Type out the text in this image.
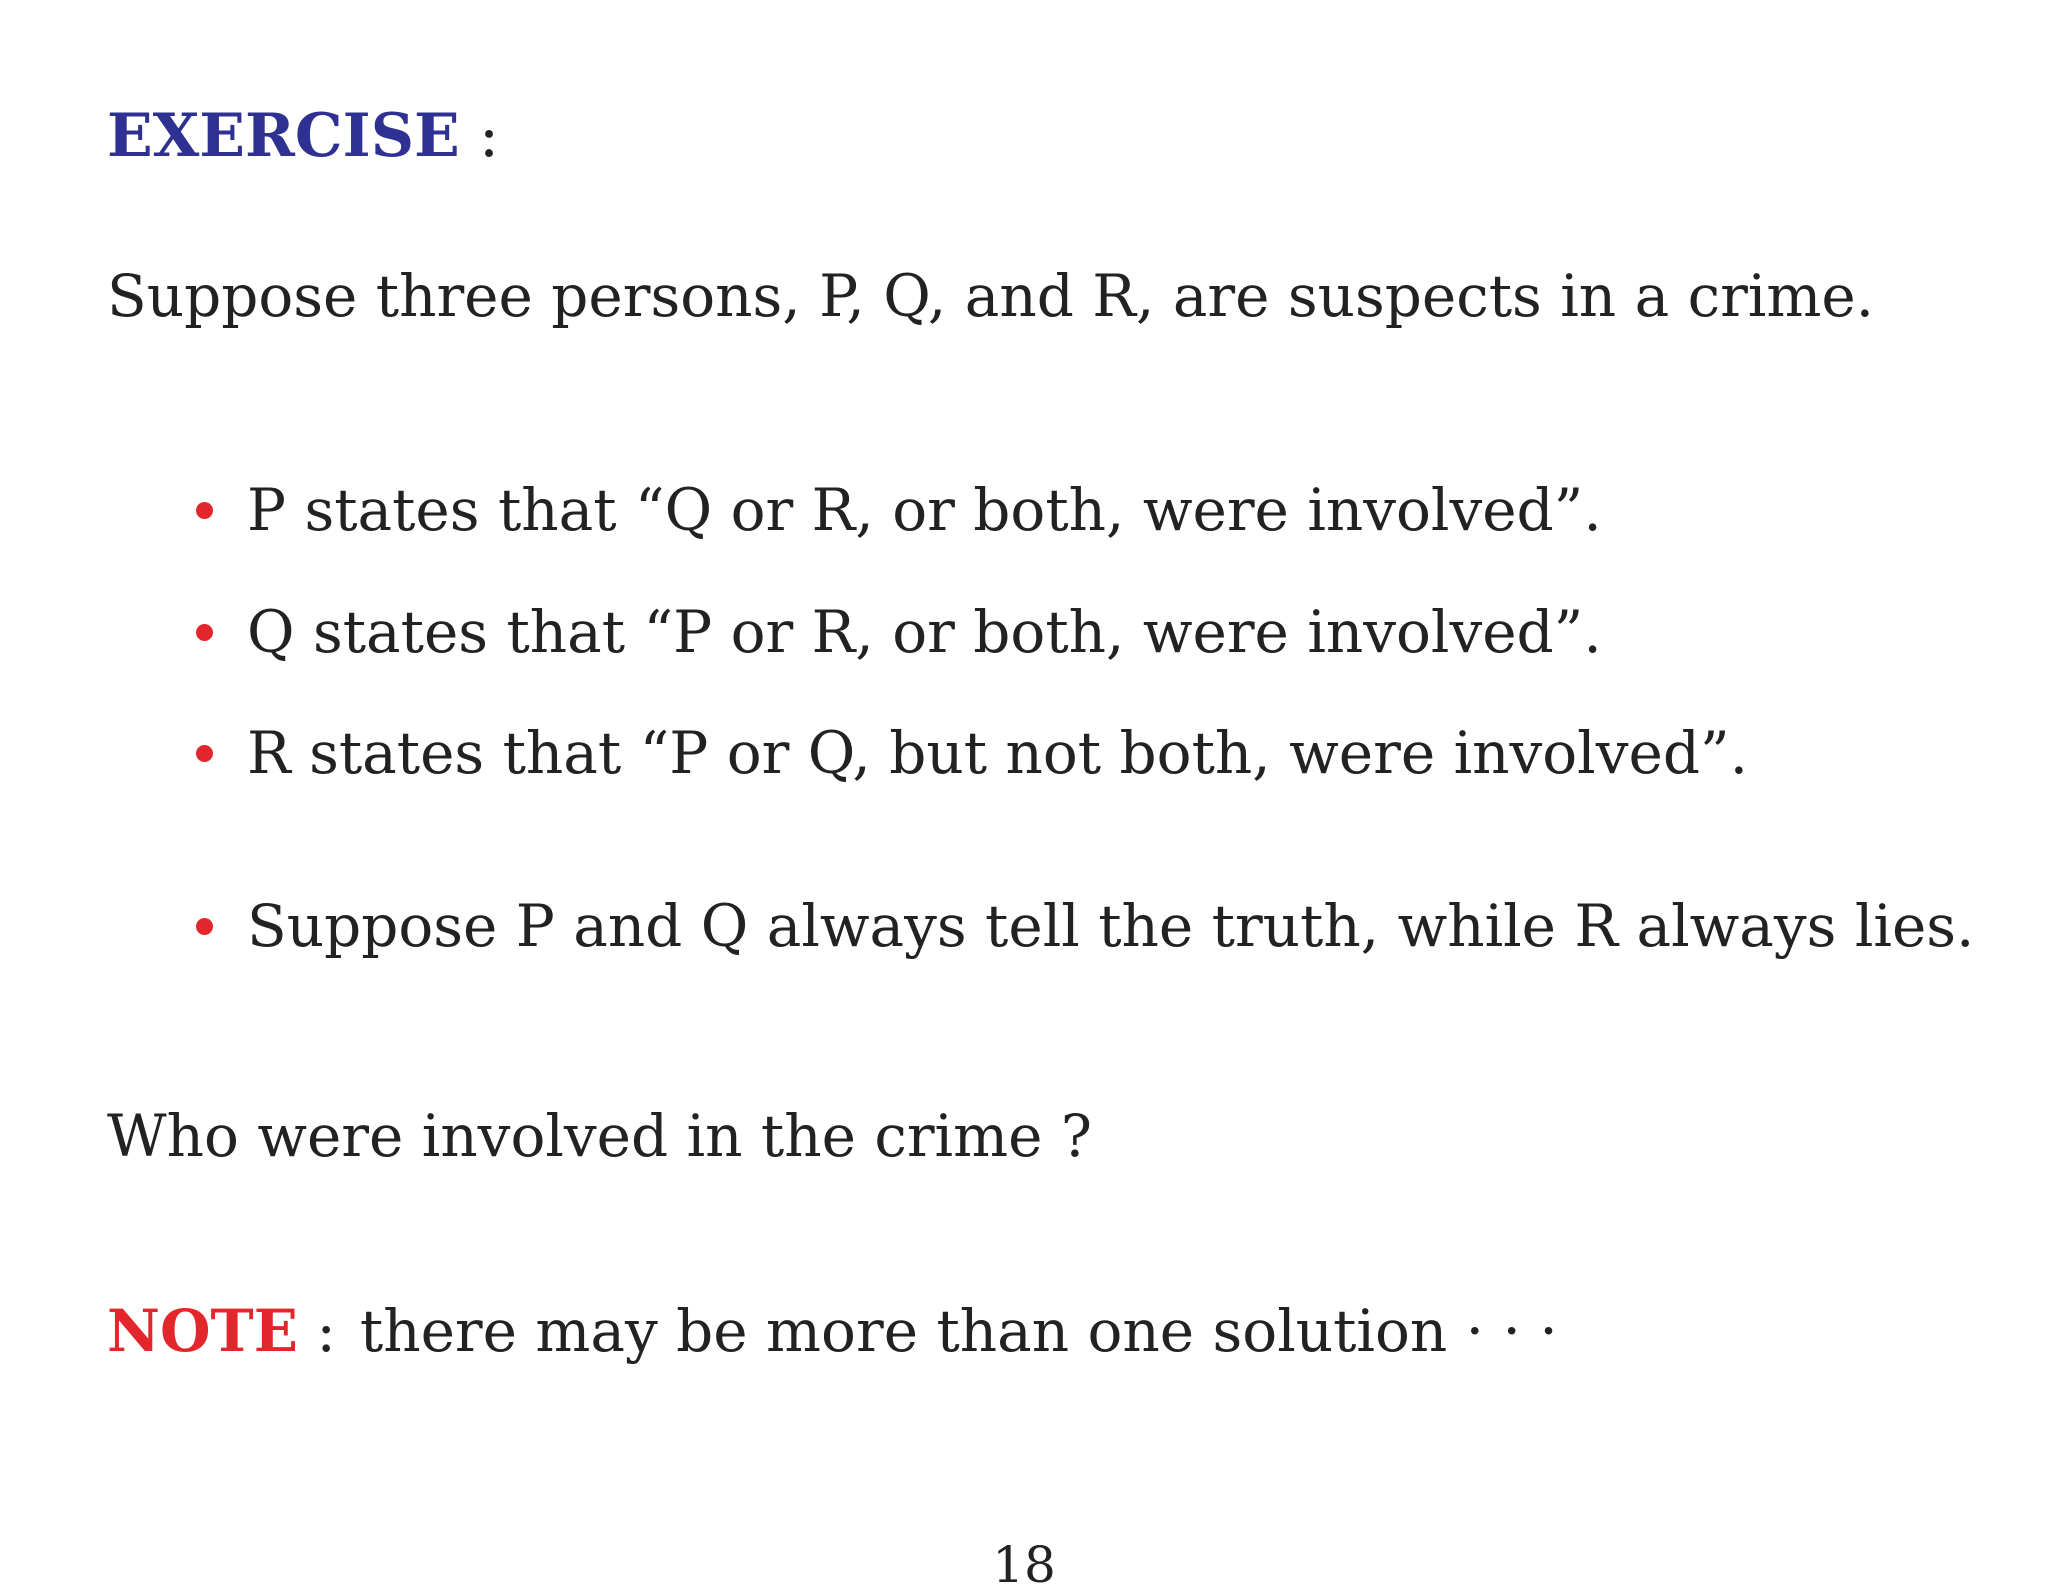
EXERCISE :
Suppose three persons, P, Q, and R, are suspects in a crime.
P states that “Q or R, or both, were involved”.
Q states that “P or R, or both, were involved”.
R states that “P or Q, but not both, were involved”.
Suppose P and Q always tell the truth, while R always lies.
Who were involved in the crime ?
NOTE : there may be more than one solution · · ·
18
